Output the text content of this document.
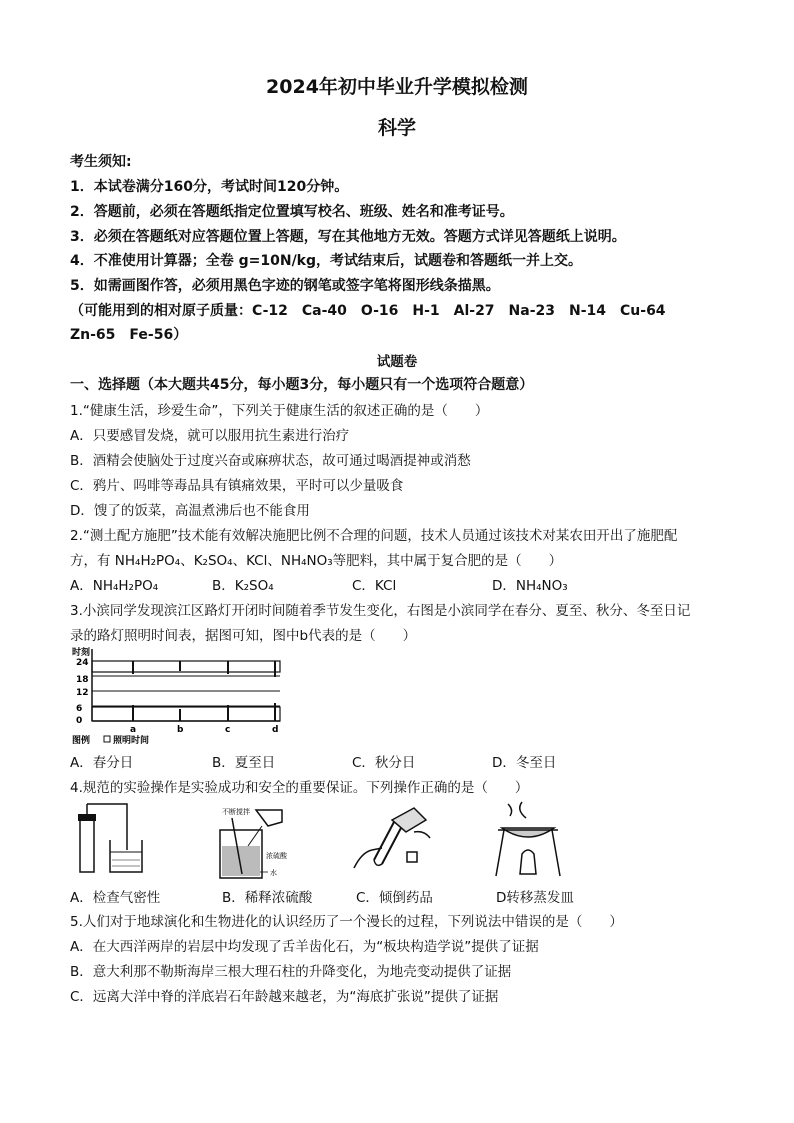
2024年初中毕业升学模拟检测
科学
考生须知:
1．本试卷满分160分，考试时间120分钟。
2．答题前，必须在答题纸指定位置填写校名、班级、姓名和准考证号。
3．必须在答题纸对应答题位置上答题，写在其他地方无效。答题方式详见答题纸上说明。
4．不准使用计算器；全卷 g=10N/kg，考试结束后，试题卷和答题纸一并上交。
5．如需画图作答，必须用黑色字迹的钢笔或签字笔将图形线条描黑。
（可能用到的相对原子质量：C-12　Ca-40　O-16　H-1　Al-27　Na-23　N-14　Cu-64
Zn-65　Fe-56）
试题卷
一、选择题（本大题共45分，每小题3分，每小题只有一个选项符合题意）
1.“健康生活，珍爱生命”，下列关于健康生活的叙述正确的是（　　）
A．只要感冒发烧，就可以服用抗生素进行治疗
B．酒精会使脑处于过度兴奋或麻痹状态，故可通过喝酒提神或消愁
C．鸦片、吗啡等毒品具有镇痛效果，平时可以少量吸食
D．馊了的饭菜，高温煮沸后也不能食用
2.“测土配方施肥”技术能有效解决施肥比例不合理的问题，技术人员通过该技术对某农田开出了施肥配
方，有 NH₄H₂PO₄、K₂SO₄、KCl、NH₄NO₃等肥料，其中属于复合肥的是（　　）
A．NH₄H₂PO₄	B．K₂SO₄	C．KCl	D．NH₄NO₃
3.小滨同学发现滨江区路灯开闭时间随着季节发生变化，右图是小滨同学在春分、夏至、秋分、冬至日记
录的路灯照明时间表，据图可知，图中b代表的是（　　）
时刻
24
18
12
6
0
a	b	c	d
图例	照明时间
A．春分日	B．夏至日	C．秋分日	D．冬至日
4.规范的实验操作是实验成功和安全的重要保证。下列操作正确的是（　　）
不断搅拌
浓硫酸
水
A．检查气密性	B．稀释浓硫酸	C．倾倒药品	D转移蒸发皿
5.人们对于地球演化和生物进化的认识经历了一个漫长的过程，下列说法中错误的是（　　）
A．在大西洋两岸的岩层中均发现了舌羊齿化石，为“板块构造学说”提供了证据
B．意大利那不勒斯海岸三根大理石柱的升降变化，为地壳变动提供了证据
C．远离大洋中脊的洋底岩石年龄越来越老，为“海底扩张说”提供了证据
